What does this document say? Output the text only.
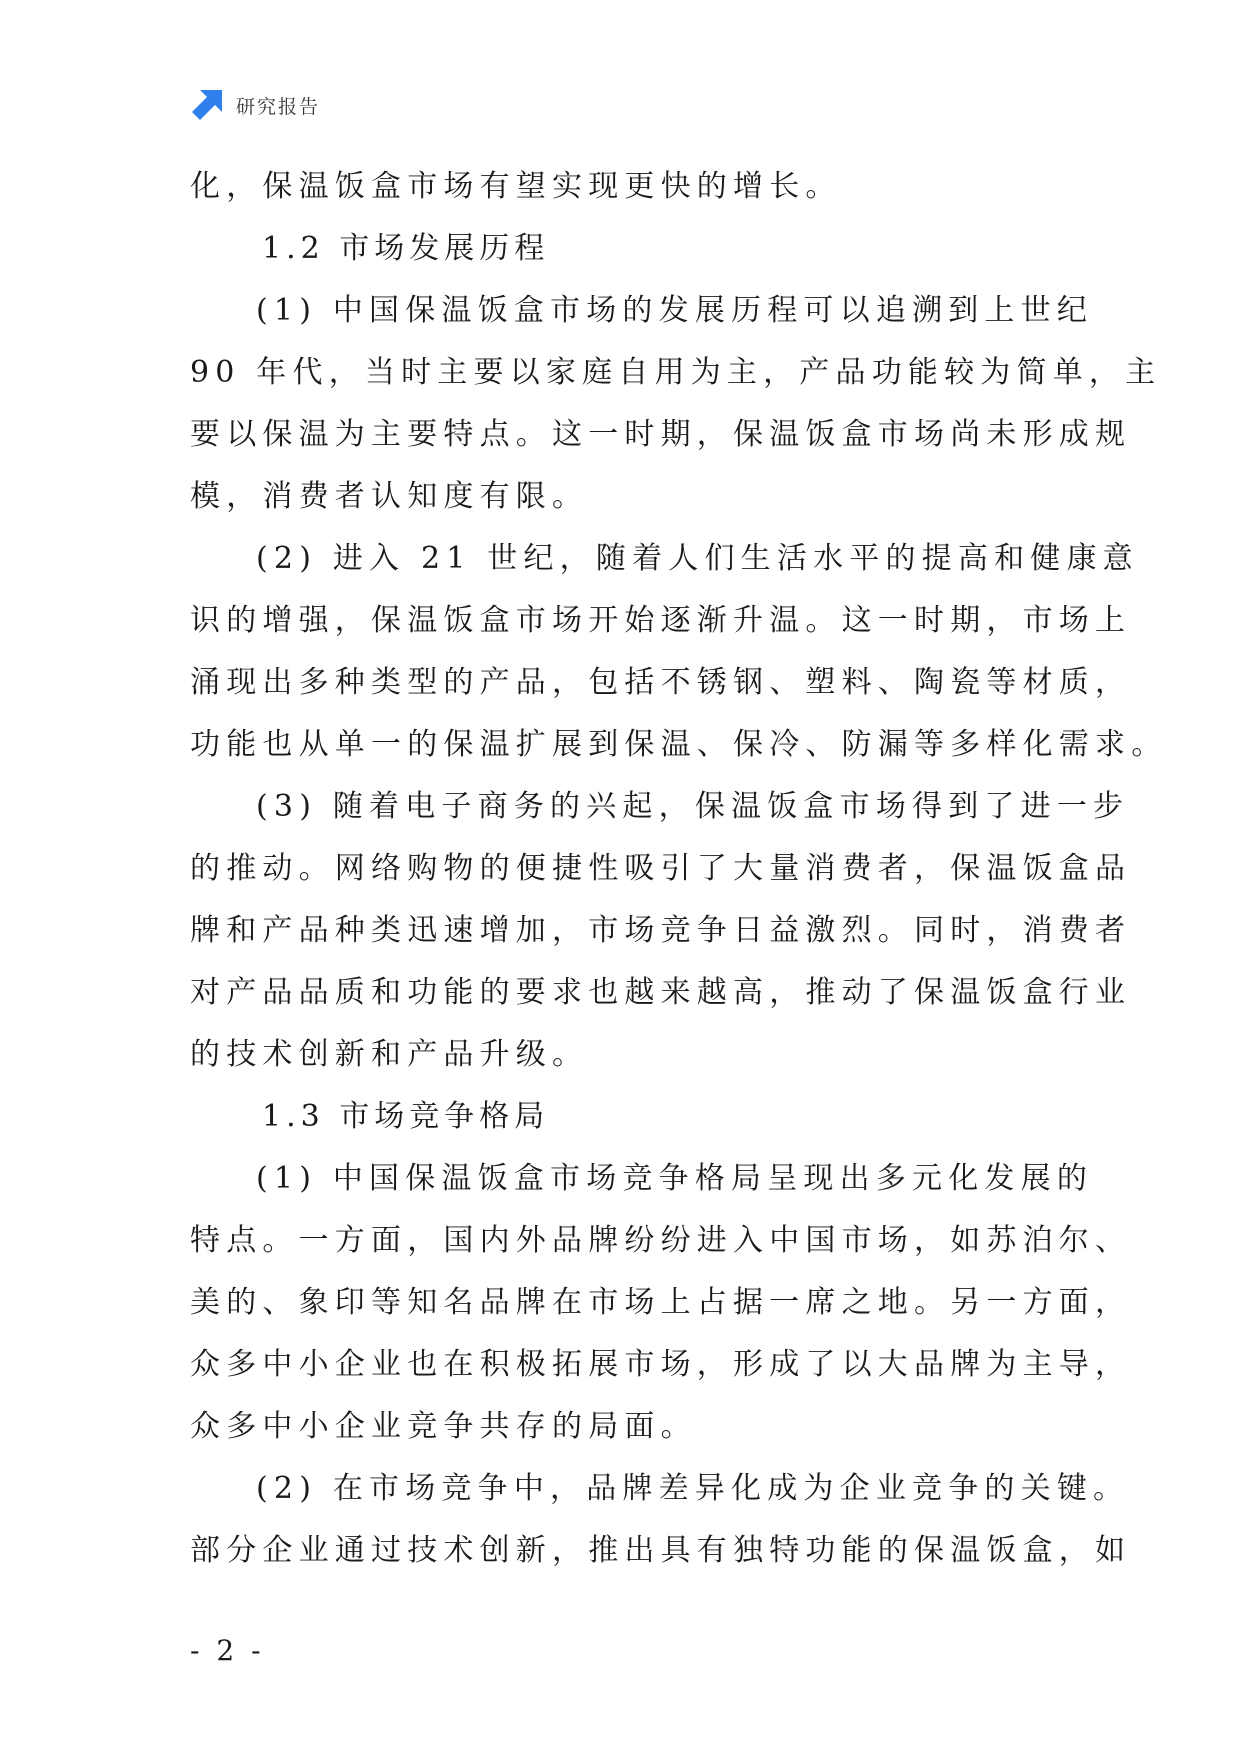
研究报告
化，保温饭盒市场有望实现更快的增长。
1.2 市场发展历程
(1) 中国保温饭盒市场的发展历程可以追溯到上世纪
90 年代，当时主要以家庭自用为主，产品功能较为简单，主
要以保温为主要特点。这一时期，保温饭盒市场尚未形成规
模，消费者认知度有限。
(2) 进入 21 世纪，随着人们生活水平的提高和健康意
识的增强，保温饭盒市场开始逐渐升温。这一时期，市场上
涌现出多种类型的产品，包括不锈钢、塑料、陶瓷等材质，
功能也从单一的保温扩展到保温、保冷、防漏等多样化需求。
(3) 随着电子商务的兴起，保温饭盒市场得到了进一步
的推动。网络购物的便捷性吸引了大量消费者，保温饭盒品
牌和产品种类迅速增加，市场竞争日益激烈。同时，消费者
对产品品质和功能的要求也越来越高，推动了保温饭盒行业
的技术创新和产品升级。
1.3 市场竞争格局
(1) 中国保温饭盒市场竞争格局呈现出多元化发展的
特点。一方面，国内外品牌纷纷进入中国市场，如苏泊尔、
美的、象印等知名品牌在市场上占据一席之地。另一方面，
众多中小企业也在积极拓展市场，形成了以大品牌为主导，
众多中小企业竞争共存的局面。
(2) 在市场竞争中，品牌差异化成为企业竞争的关键。
部分企业通过技术创新，推出具有独特功能的保温饭盒，如
- 2 -
